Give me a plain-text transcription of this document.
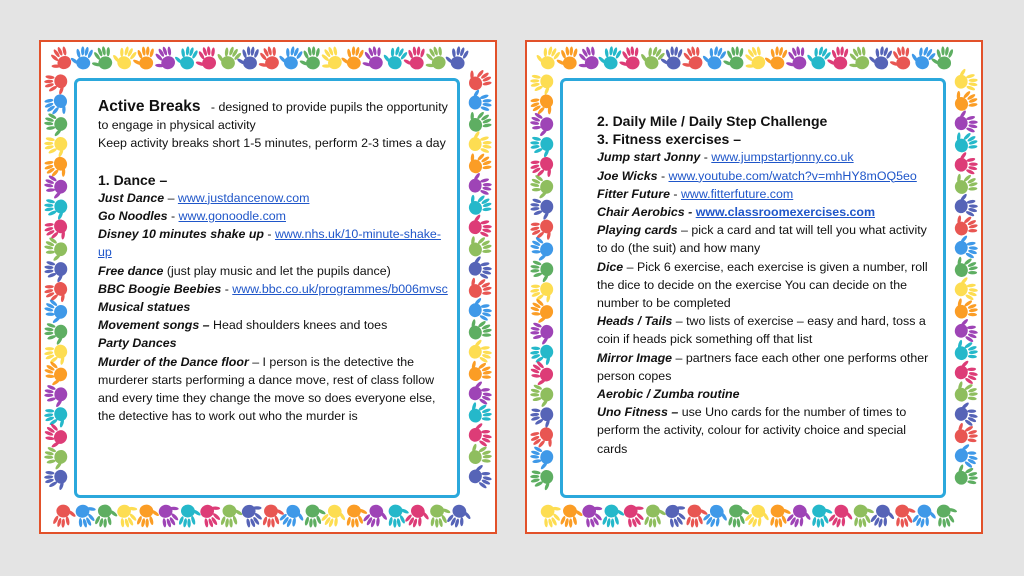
Active Breaks - designed to provide pupils the opportunity to engage in physical activity

Keep activity breaks short 1-5 minutes, perform 2-3 times a day

1. Dance –

Just Dance – www.justdancenow.com

Go Noodles - www.gonoodle.com

Disney 10 minutes shake up - www.nhs.uk/10-minute-shake-up

Free dance (just play music and let the pupils dance)

BBC Boogie Beebies - www.bbc.co.uk/programmes/b006mvsc

Musical statues

Movement songs – Head shoulders knees and toes

Party Dances

Murder of the Dance floor – I person is the detective the murderer starts performing a dance move, rest of class follow and every time they change the move so does everyone else, the detective has to work out who the murder is

2. Daily Mile / Daily Step Challenge

3. Fitness exercises –

Jump start Jonny - www.jumpstartjonny.co.uk

Joe Wicks - www.youtube.com/watch?v=mhHY8mOQ5eo

Fitter Future - www.fitterfuture.com

Chair Aerobics - www.classroomexercises.com

Playing cards – pick a card and tat will tell you what activity to do (the suit) and how many

Dice – Pick 6 exercise, each exercise is given a number, roll the dice to decide on the exercise You can decide on the number to be completed

Heads / Tails – two lists of exercise – easy and hard, toss a coin if heads pick something off that list

Mirror Image – partners face each other one performs other person copes

Aerobic / Zumba routine

Uno Fitness – use Uno cards for the number of times to perform the activity, colour for activity choice and special cards
